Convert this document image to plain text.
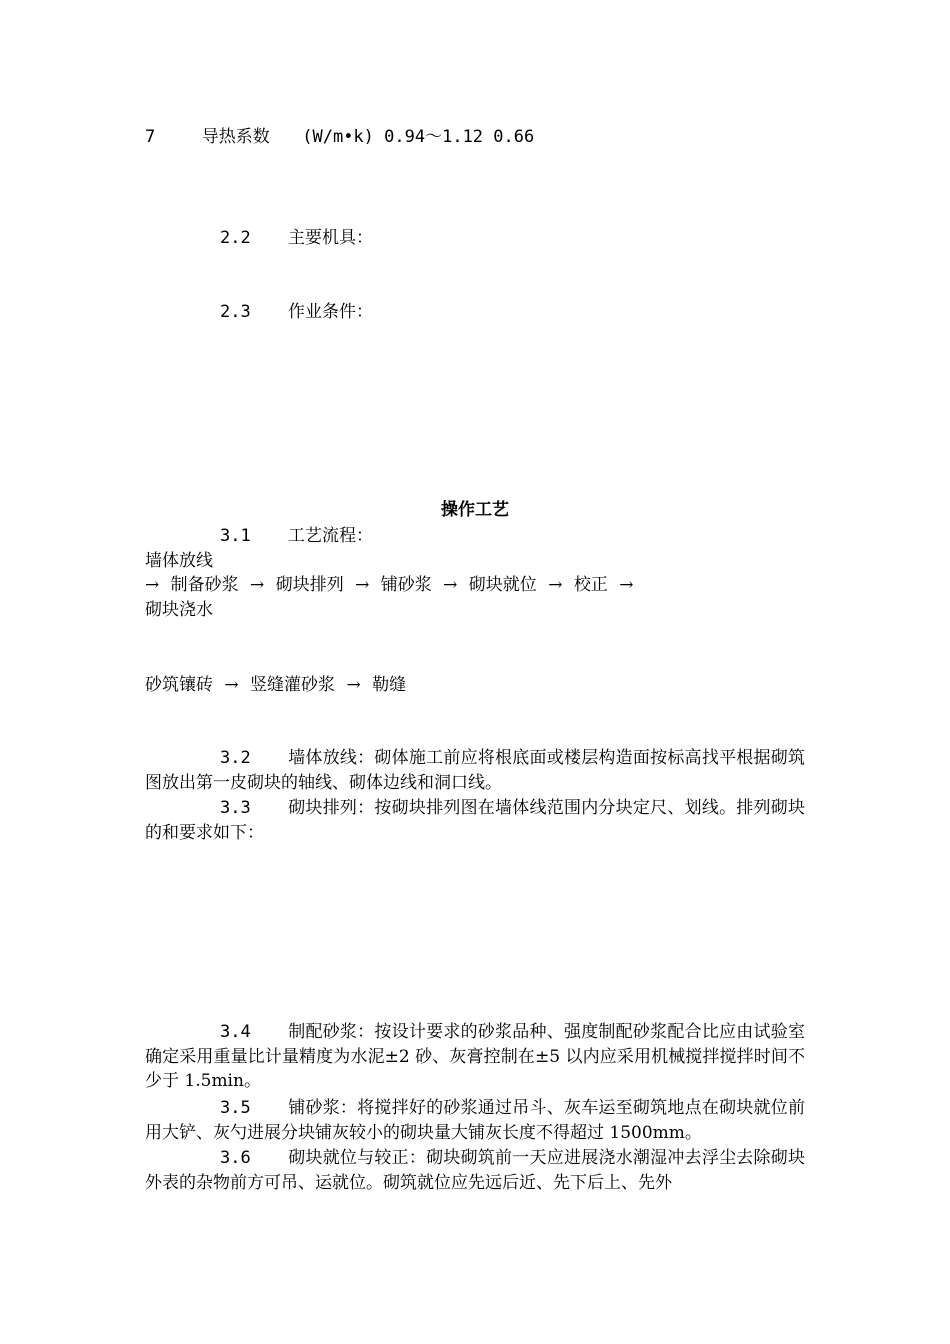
7	导热系数 (W/m•k) 0.94～1.12 0.66
2.2 主要机具：
2.3 作业条件：
操作工艺
3.1 工艺流程：
墙体放线
→ 制备砂浆 → 砌块排列 → 铺砂浆 → 砌块就位 → 校正 →
砌块浇水
砂筑镶砖 → 竖缝灌砂浆 → 勒缝
3.2 墙体放线：砌体施工前应将根底面或楼层构造面按标高找平根据砌筑图放出第一皮砌块的轴线、砌体边线和洞口线。
3.3 砌块排列：按砌块排列图在墙体线范围内分块定尺、划线。排列砌块的和要求如下：
3.4 制配砂浆：按设计要求的砂浆品种、强度制配砂浆配合比应由试验室确定采用重量比计量精度为水泥±2 砂、灰膏控制在±5 以内应采用机械搅拌搅拌时间不少于 1.5min。
3.5 铺砂浆：将搅拌好的砂浆通过吊斗、灰车运至砌筑地点在砌块就位前用大铲、灰勺进展分块铺灰较小的砌块量大铺灰长度不得超过 1500mm。
3.6 砌块就位与较正：砌块砌筑前一天应进展浇水潮湿冲去浮尘去除砌块外表的杂物前方可吊、运就位。砌筑就位应先远后近、先下后上、先外
